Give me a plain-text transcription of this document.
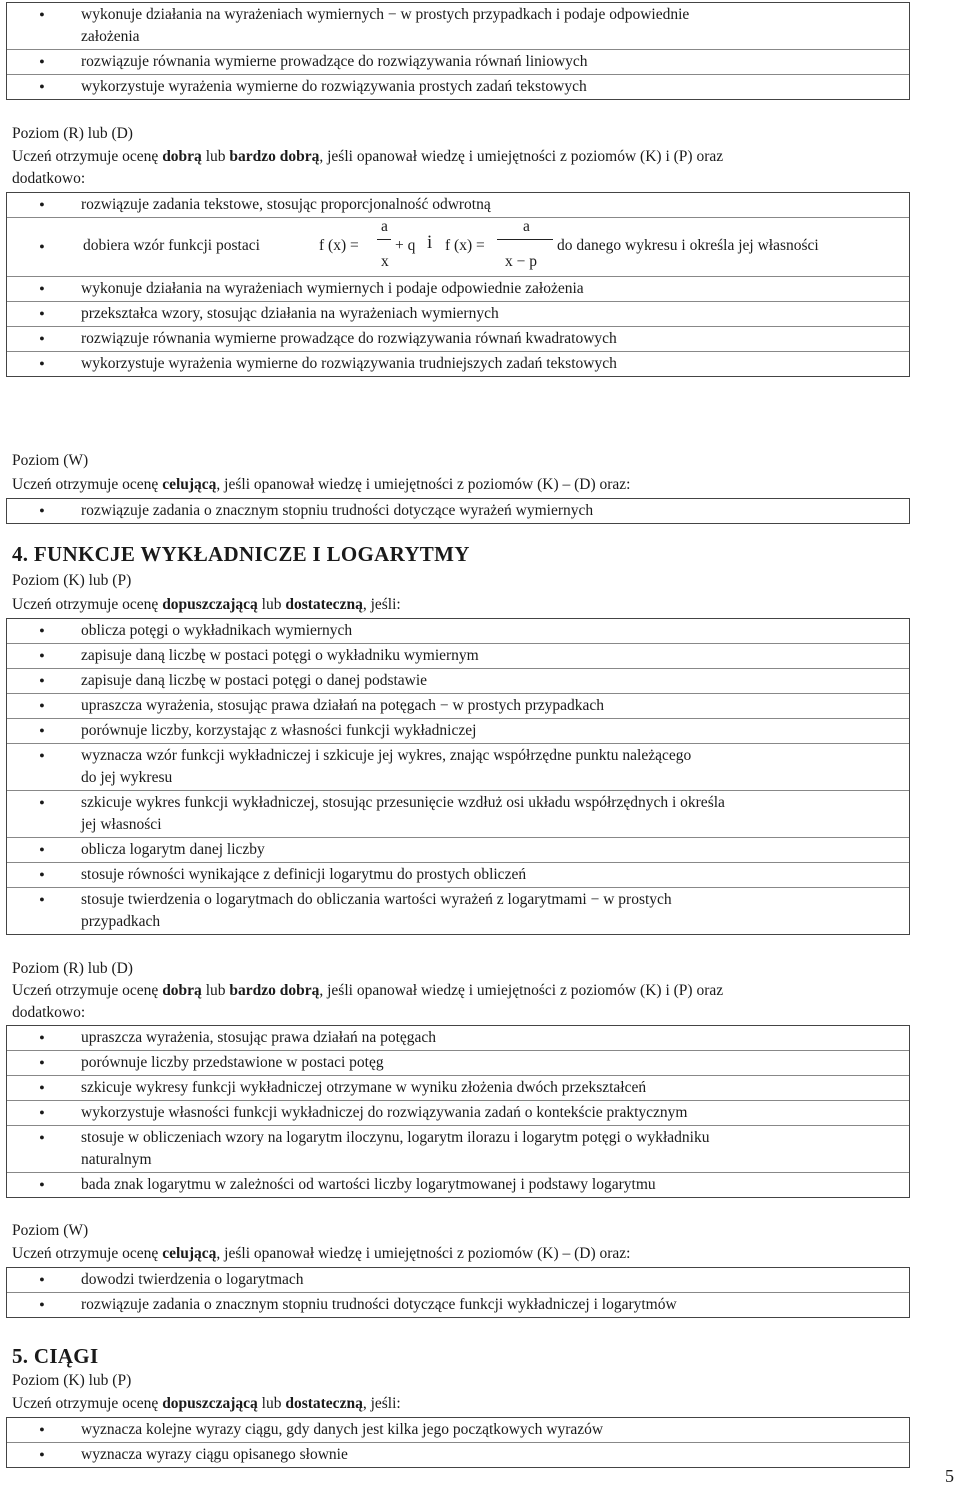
●
wykonuje działania na wyrażeniach wymiernych − w prostych przypadkach i podaje odpowiednie
założenia
●
rozwiązuje równania wymierne prowadzące do rozwiązywania równań liniowych
●
wykorzystuje wyrażenia wymierne do rozwiązywania prostych zadań tekstowych
Poziom (R) lub (D)
Uczeń otrzymuje ocenę dobrą lub bardzo dobrą, jeśli opanował wiedzę i umiejętności z poziomów (K) i (P) oraz
dodatkowo:
●
rozwiązuje zadania tekstowe, stosując proporcjonalność odwrotną
●
dobiera wzór funkcji postaci	f (x) =
a
x
+ q i f (x) =
a
x − p
do danego wykresu i określa jej własności
●
wykonuje działania na wyrażeniach wymiernych i podaje odpowiednie założenia
●
przekształca wzory, stosując działania na wyrażeniach wymiernych
●
rozwiązuje równania wymierne prowadzące do rozwiązywania równań kwadratowych
●
wykorzystuje wyrażenia wymierne do rozwiązywania trudniejszych zadań tekstowych
Poziom (W)
Uczeń otrzymuje ocenę celującą, jeśli opanował wiedzę i umiejętności z poziomów (K) – (D) oraz:
●
rozwiązuje zadania o znacznym stopniu trudności dotyczące wyrażeń wymiernych
4. FUNKCJE WYKŁADNICZE I LOGARYTMY
Poziom (K) lub (P)
Uczeń otrzymuje ocenę dopuszczającą lub dostateczną, jeśli:
●
oblicza potęgi o wykładnikach wymiernych
●
zapisuje daną liczbę w postaci potęgi o wykładniku wymiernym
●
zapisuje daną liczbę w postaci potęgi o danej podstawie
●
upraszcza wyrażenia, stosując prawa działań na potęgach − w prostych przypadkach
●
porównuje liczby, korzystając z własności funkcji wykładniczej
●
wyznacza wzór funkcji wykładniczej i szkicuje jej wykres, znając współrzędne punktu należącego
do jej wykresu
●
szkicuje wykres funkcji wykładniczej, stosując przesunięcie wzdłuż osi układu współrzędnych i określa
jej własności
●
oblicza logarytm danej liczby
●
stosuje równości wynikające z definicji logarytmu do prostych obliczeń
●
stosuje twierdzenia o logarytmach do obliczania wartości wyrażeń z logarytmami − w prostych
przypadkach
Poziom (R) lub (D)
Uczeń otrzymuje ocenę dobrą lub bardzo dobrą, jeśli opanował wiedzę i umiejętności z poziomów (K) i (P) oraz
dodatkowo:
●
upraszcza wyrażenia, stosując prawa działań na potęgach
●
porównuje liczby przedstawione w postaci potęg
●
szkicuje wykresy funkcji wykładniczej otrzymane w wyniku złożenia dwóch przekształceń
●
wykorzystuje własności funkcji wykładniczej do rozwiązywania zadań o kontekście praktycznym
●
stosuje w obliczeniach wzory na logarytm iloczynu, logarytm ilorazu i logarytm potęgi o wykładniku
naturalnym
●
bada znak logarytmu w zależności od wartości liczby logarytmowanej i podstawy logarytmu
Poziom (W)
Uczeń otrzymuje ocenę celującą, jeśli opanował wiedzę i umiejętności z poziomów (K) – (D) oraz:
●
dowodzi twierdzenia o logarytmach
●
rozwiązuje zadania o znacznym stopniu trudności dotyczące funkcji wykładniczej i logarytmów
5. CIĄGI
Poziom (K) lub (P)
Uczeń otrzymuje ocenę dopuszczającą lub dostateczną, jeśli:
●
wyznacza kolejne wyrazy ciągu, gdy danych jest kilka jego początkowych wyrazów
●
wyznacza wyrazy ciągu opisanego słownie
5
